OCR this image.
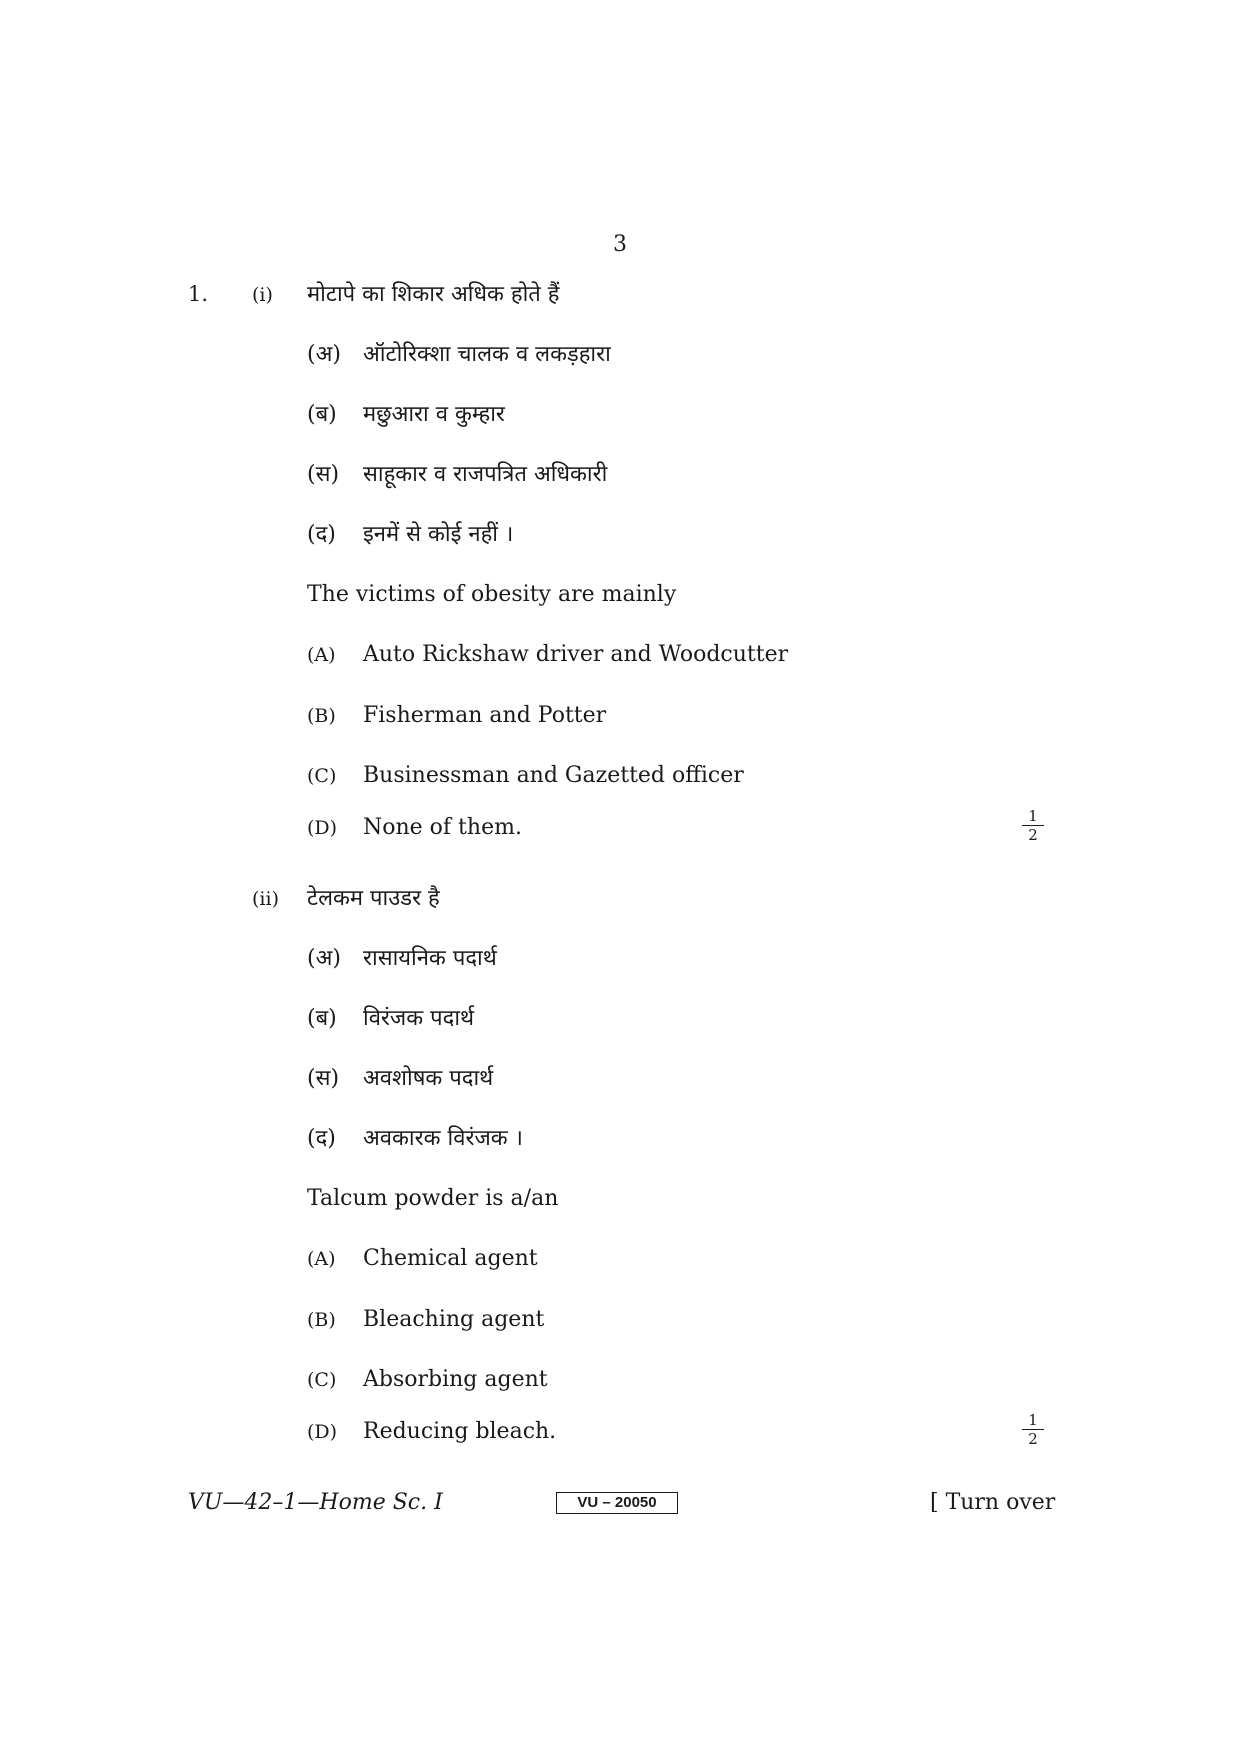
3
1. (i) मोटापे का शिकार अधिक होते हैं
(अ) ऑटोरिक्शा चालक व लकड़हारा
(ब) मछुआरा व कुम्हार
(स) साहूकार व राजपत्रित अधिकारी
(द) इनमें से कोई नहीं ।
The victims of obesity are mainly
(A) Auto Rickshaw driver and Woodcutter
(B) Fisherman and Potter
(C) Businessman and Gazetted officer
(D) None of them.	$\frac{1}{2}$
(ii) टेलकम पाउडर है
(अ) रासायनिक पदार्थ
(ब) विरंजक पदार्थ
(स) अवशोषक पदार्थ
(द) अवकारक विरंजक ।
Talcum powder is a/an
(A) Chemical agent
(B) Bleaching agent
(C) Absorbing agent
(D) Reducing bleach.	$\frac{1}{2}$
VU—42–1—Home Sc. I	VU – 20050	[ Turn over
